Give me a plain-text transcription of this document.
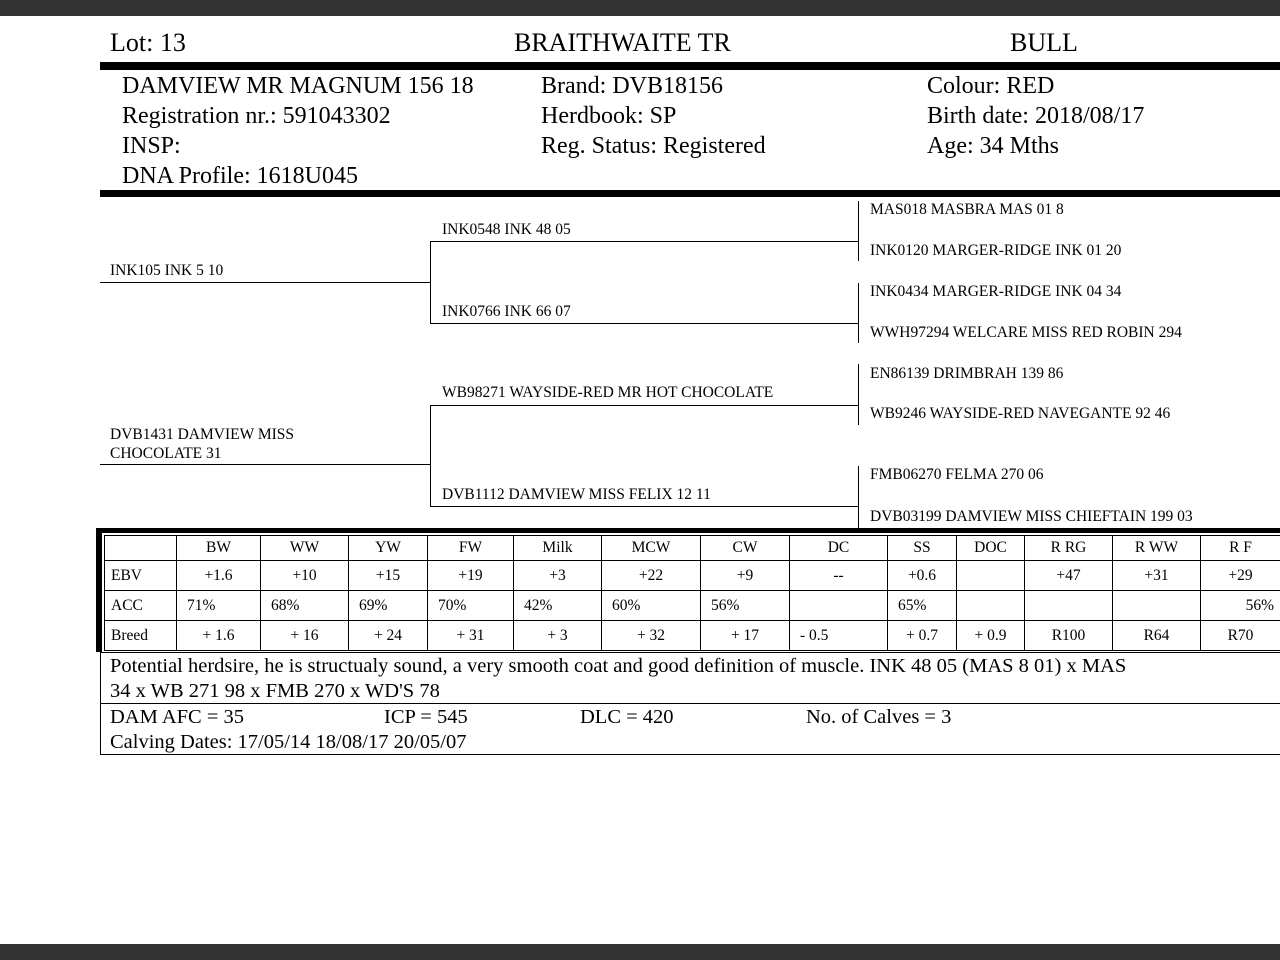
Lot: 13	BRAITHWAITE TR	BULL
DAMVIEW MR MAGNUM 156 18
Registration nr.: 591043302
INSP:
DNA Profile: 1618U045
Brand: DVB18156
Herdbook: SP
Reg. Status: Registered
Colour: RED
Birth date: 2018/08/17
Age: 34 Mths
INK105 INK 5 10
DVB1431 DAMVIEW MISS
CHOCOLATE 31
INK0548 INK 48 05
INK0766 INK 66 07
WB98271 WAYSIDE-RED MR HOT CHOCOLATE
DVB1112 DAMVIEW MISS FELIX 12 11
MAS018 MASBRA MAS 01 8
INK0120 MARGER-RIDGE INK 01 20
INK0434 MARGER-RIDGE INK 04 34
WWH97294 WELCARE MISS RED ROBIN 294
EN86139 DRIMBRAH 139 86
WB9246 WAYSIDE-RED NAVEGANTE 92 46
FMB06270 FELMA 270 06
DVB03199 DAMVIEW MISS CHIEFTAIN 199 03
	BW	WW	YW	FW	Milk	MCW	CW	DC	SS	DOC	R RG	R WW	R F
EBV	+1.6	+10	+15	+19	+3	+22	+9	--	+0.6		+47	+31	+29
ACC	71%	68%	69%	70%	42%	60%	56%		65%				56%
Breed	+ 1.6	+ 16	+ 24	+ 31	+ 3	+ 32	+ 17	- 0.5	+ 0.7	+ 0.9	R100	R64	R70
Potential herdsire, he is structualy sound, a very smooth coat and good definition of muscle. INK 48 05 (MAS 8 01) x MAS
34 x WB 271 98 x FMB 270 x WD'S 78
DAM AFC = 35	ICP = 545	DLC = 420	No. of Calves = 3
Calving Dates: 17/05/14 18/08/17 20/05/07
